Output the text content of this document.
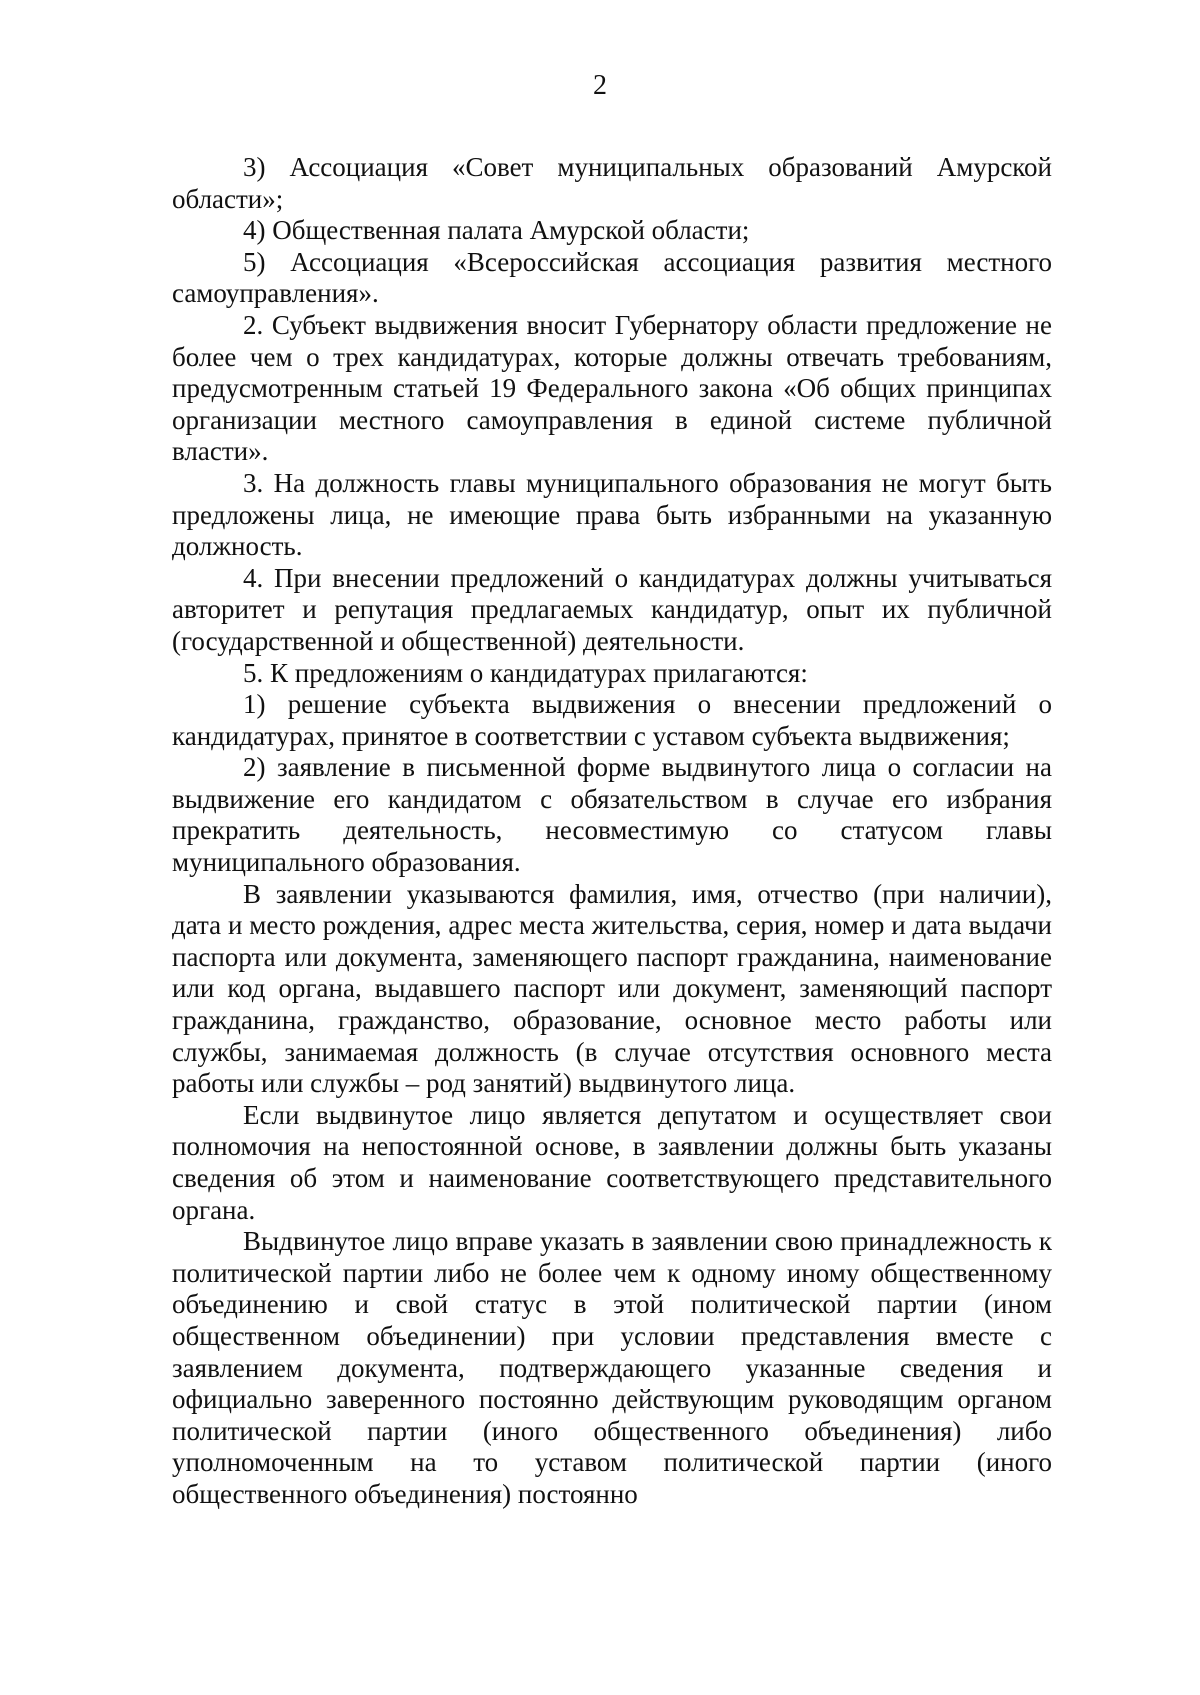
2

3) Ассоциация «Совет муниципальных образований Амурской области»;

4) Общественная палата Амурской области;

5) Ассоциация «Всероссийская ассоциация развития местного самоуправления».

2. Субъект выдвижения вносит Губернатору области предложение не более чем о трех кандидатурах, которые должны отвечать требованиям, предусмотренным статьей 19 Федерального закона «Об общих принципах организации местного самоуправления в единой системе публичной власти».

3. На должность главы муниципального образования не могут быть предложены лица, не имеющие права быть избранными на указанную должность.

4. При внесении предложений о кандидатурах должны учитываться авторитет и репутация предлагаемых кандидатур, опыт их публичной (государственной и общественной) деятельности.

5. К предложениям о кандидатурах прилагаются:

1) решение субъекта выдвижения о внесении предложений о кандидатурах, принятое в соответствии с уставом субъекта выдвижения;

2) заявление в письменной форме выдвинутого лица о согласии на выдвижение его кандидатом с обязательством в случае его избрания прекратить деятельность, несовместимую со статусом главы муниципального образования.

В заявлении указываются фамилия, имя, отчество (при наличии), дата и место рождения, адрес места жительства, серия, номер и дата выдачи паспорта или документа, заменяющего паспорт гражданина, наименование или код органа, выдавшего паспорт или документ, заменяющий паспорт гражданина, гражданство, образование, основное место работы или службы, занимаемая должность (в случае отсутствия основного места работы или службы – род занятий) выдвинутого лица.

Если выдвинутое лицо является депутатом и осуществляет свои полномочия на непостоянной основе, в заявлении должны быть указаны сведения об этом и наименование соответствующего представительного органа.

Выдвинутое лицо вправе указать в заявлении свою принадлежность к политической партии либо не более чем к одному иному общественному объединению и свой статус в этой политической партии (ином общественном объединении) при условии представления вместе с заявлением документа, подтверждающего указанные сведения и официально заверенного постоянно действующим руководящим органом политической партии (иного общественного объединения) либо уполномоченным на то уставом политической партии (иного общественного объединения) постоянно
